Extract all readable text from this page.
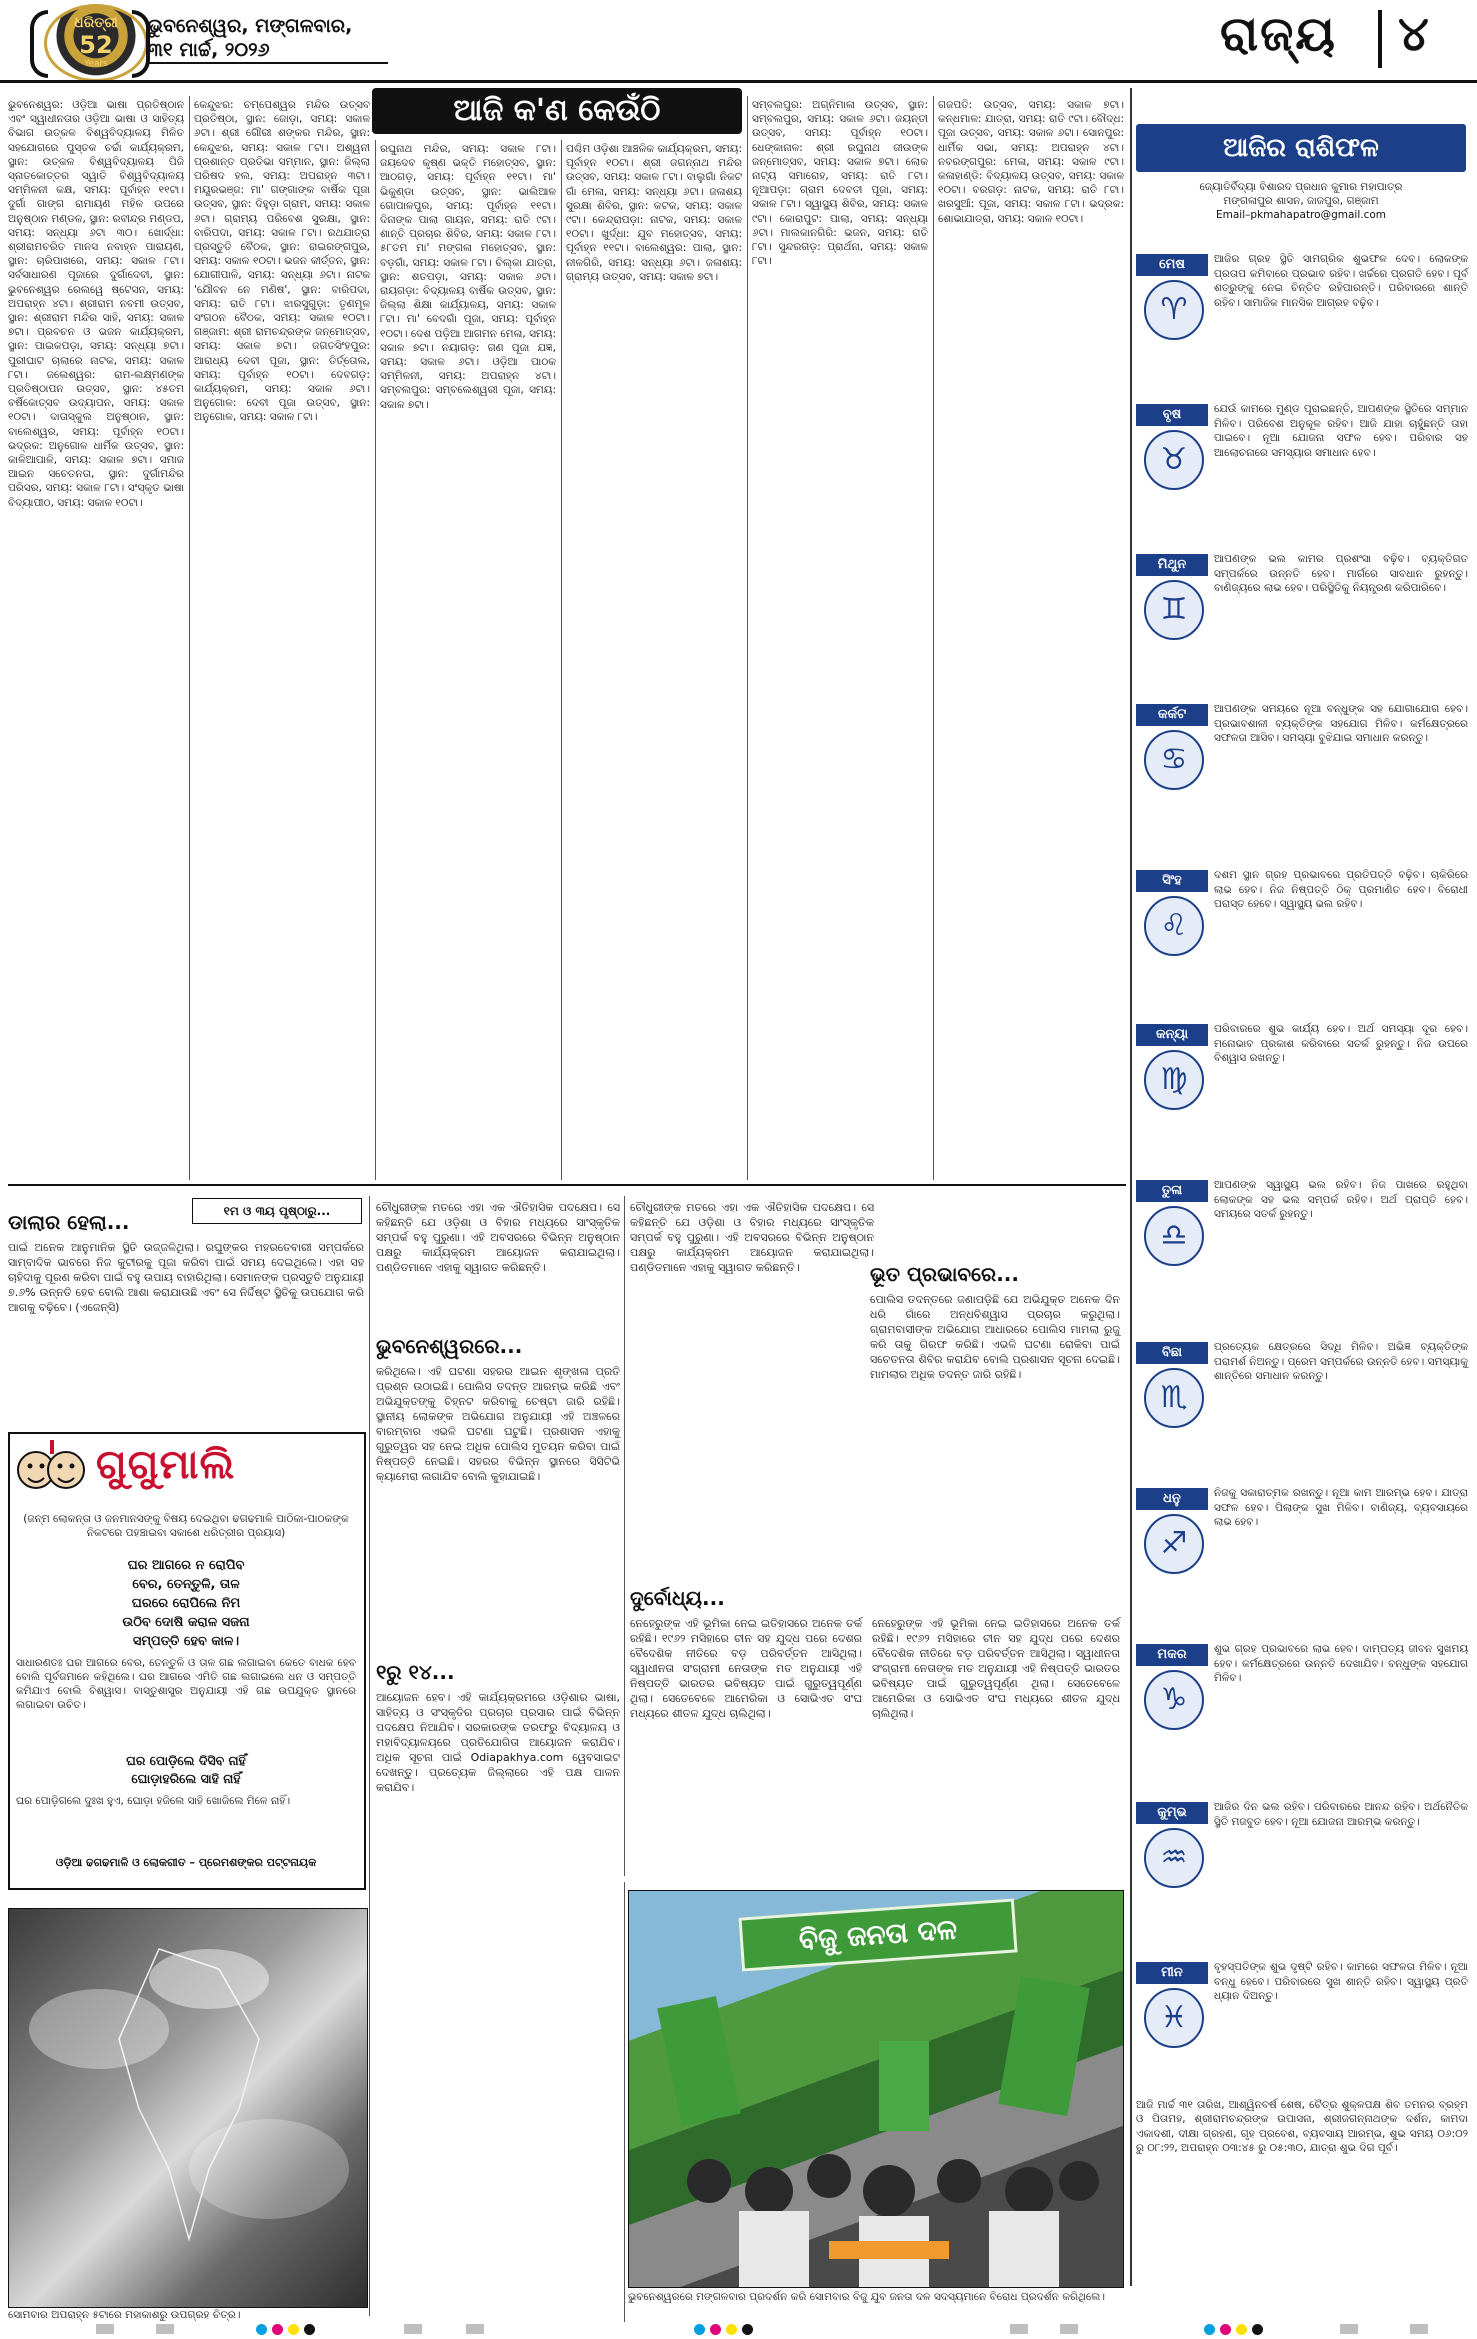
ଧରିତ୍ରୀ
52
Years
ଭୁବନେଶ୍ୱର, ମଙ୍ଗଳବାର,
୩୧ ମାର୍ଚ୍ଚ, ୨୦୨୬	ରାଜ୍ୟ ୪
ଆଜି କ'ଣ କେଉଁଠି
ଭୁବନେଶ୍ୱର: ଓଡ଼ିଆ ଭାଷା ପ୍ରତିଷ୍ଠାନ ଏବଂ ସ୍ୱାଧୀନତାର ଓଡ଼ିଆ ଭାଷା ଓ ସାହିତ୍ୟ ବିଭାଗ ଉତ୍କଳ ବିଶ୍ୱବିଦ୍ୟାଳୟ ମିଳିତ ସହଯୋଗରେ ପୁସ୍ତକ ଚର୍ଚ୍ଚା କାର୍ଯ୍ୟକ୍ରମ, ସ୍ଥାନ: ଉତ୍କଳ ବିଶ୍ୱବିଦ୍ୟାଳୟ ପିଜି ସ୍ନାତକୋତ୍ତର ସ୍ୱାତି ବିଶ୍ୱବିଦ୍ୟାଳୟ ସମ୍ମିଳନୀ କକ୍ଷ, ସମୟ: ପୂର୍ବାହ୍ନ ୧୧ଟା। ଦୁର୍ଗା ଗାଙ୍ଗ ରାମାୟଣ ମହିଳ ଉପରେ ଅନୁଷ୍ଠାନ ମଣ୍ଡଳ, ସ୍ଥାନ: ରବୀନ୍ଦ୍ର ମଣ୍ଡପ, ସମୟ: ସନ୍ଧ୍ୟା ୬ଟା ୩୦। ଖୋର୍ଦ୍ଧା: ଶ୍ରୀରାମଚରିତ ମାନସ ନବାହ୍ନ ପାରାୟଣ, ସ୍ଥାନ: ଚାରିପାଖରେ, ସମୟ: ସକାଳ ୮ଟା। ସର୍ବସାଧାରଣ ପୂଜାରେ ଦୁର୍ଗାଦେବୀ, ସ୍ଥାନ: ଭୁବନେଶ୍ୱର ରେଲୱେ ଷ୍ଟେସନ, ସମୟ: ଅପରାହ୍ନ ୪ଟା। ଶ୍ରୀରାମ ନବମୀ ଉତ୍ସବ, ସ୍ଥାନ: ଶ୍ରୀରାମ ମନ୍ଦିର ସାହି, ସମୟ: ସକାଳ ୭ଟା। ପ୍ରବଚନ ଓ ଭଜନ କାର୍ଯ୍ୟକ୍ରମ, ସ୍ଥାନ: ପାଇକପଡ଼ା, ସମୟ: ସନ୍ଧ୍ୟା ୭ଟା। ପୁରୀଘାଟ ଚାଲାରେ ନାଟକ, ସମୟ: ସକାଳ ୮ଟା। ଜଲେଶ୍ୱର: ରାମ-ଲକ୍ଷ୍ମଣଙ୍କ ପ୍ରତିଷ୍ଠାପନ ଉତ୍ସବ, ସ୍ଥାନ: ୪୫ତମ ବର୍ଷିକୋତ୍ସବ ଉଦ୍ୟାପନ, ସମୟ: ସକାଳ ୧୦ଟା। ଦାତାସ୍କୁଲ ଅନୁଷ୍ଠାନ, ସ୍ଥାନ: ବାଲେଶ୍ୱର, ସମୟ: ପୂର୍ବାହ୍ନ ୧୦ଟା। ଭଦ୍ରକ: ଅନୁଗୋଳ ଧାର୍ମିକ ଉତ୍ସବ, ସ୍ଥାନ: କାଳିଆପାଳି, ସମୟ: ସକାଳ ୭ଟା। ସମାଜ ଆଇନ ସଚେତନତା, ସ୍ଥାନ: ଦୁର୍ଗାମନ୍ଦିର ପରିସର, ସମୟ: ସକାଳ ୮ଟା। ସଂସ୍କୃତ ଭାଷା ବିଦ୍ୟାପୀଠ, ସମୟ: ସକାଳ ୧୦ଟା।
କେନ୍ଦୁଝର: ଚମ୍ପେଶ୍ୱର ମନ୍ଦିର ଉତ୍ସବ ପ୍ରତିଷ୍ଠା, ସ୍ଥାନ: ଜୋଡ଼ା, ସମୟ: ସକାଳ ୬ଟା। ଶ୍ରୀ ଗୌରୀ ଶଙ୍କର ମନ୍ଦିର, ସ୍ଥାନ: କେନ୍ଦୁଝର, ସମୟ: ସକାଳ ୮ଟା। ଅଶ୍ୱନୀ ପ୍ରଶାନ୍ତ ପ୍ରତିଭା ସମ୍ମାନ, ସ୍ଥାନ: ଜିଲ୍ଲା ପରିଷଦ ହଲ, ସମୟ: ଅପରାହ୍ନ ୩ଟା। ମୟୂରଭଞ୍ଜ: ମା' ଗଙ୍ଗାଙ୍କ ବାର୍ଷିକ ପୂଜା ଉତ୍ସବ, ସ୍ଥାନ: ଦିହୁଡ଼ା ଗ୍ରାମ, ସମୟ: ସକାଳ ୬ଟା। ଗ୍ରାମ୍ୟ ପରିବେଶ ସୁରକ୍ଷା, ସ୍ଥାନ: ବାରିପଦା, ସମୟ: ସକାଳ ୮ଟା। ରଥଯାତ୍ରା ପ୍ରସ୍ତୁତି ବୈଠକ, ସ୍ଥାନ: ରାଇରଙ୍ଗପୁର, ସମୟ: ସକାଳ ୧୦ଟା। ଭଜନ କୀର୍ତ୍ତନ, ସ୍ଥାନ: ଯୋଗୀପାଳି, ସମୟ: ସନ୍ଧ୍ୟା ୬ଟା। ନାଟକ 'ଯୌବନ ନେ ମଣିଷ', ସ୍ଥାନ: ବାରିପଦା, ସମୟ: ରାତି ୮ଟା। ଝାରସୁଗୁଡ଼ା: ତୃଣମୂଳ ସଂଗଠନ ବୈଠକ, ସମୟ: ସକାଳ ୧୦ଟା। ଗଞ୍ଜାମ: ଶ୍ରୀ ରାମଚନ୍ଦ୍ରଙ୍କ ଜନ୍ମୋତ୍ସବ, ସମୟ: ସକାଳ ୭ଟା। ଜଗତସିଂହପୁର: ଆରାଧ୍ୟ ଦେବୀ ପୂଜା, ସ୍ଥାନ: ତିର୍ତ୍ତୋଲ, ସମୟ: ପୂର୍ବାହ୍ନ ୧୦ଟା। ଦେବଗଡ଼: କାର୍ଯ୍ୟକ୍ରମ, ସମୟ: ସକାଳ ୬ଟା। ଅନୁଗୋଳ: ଦେବୀ ପୂଜା ଉତ୍ସବ, ସ୍ଥାନ: ଅନୁଗୋଳ, ସମୟ: ସକାଳ ୮ଟା।
ରଘୁନାଥ ମନ୍ଦିର, ସମୟ: ସକାଳ ୮ଟା। ଜୟଦେବ କୃଷ୍ଣ ଭକ୍ତି ମହୋତ୍ସବ, ସ୍ଥାନ: ଆଠଗଡ଼, ସମୟ: ପୂର୍ବାହ୍ନ ୧୧ଟା। ମା' ଭିକୁଣ୍ଡା ଉତ୍ସବ, ସ୍ଥାନ: ଭାଲିଆଳ ଗୋପାଳପୁର, ସମୟ: ପୂର୍ବାହ୍ନ ୧୧ଟା। ଦିନାଙ୍କ ପାଲା ଗାୟନ, ସମୟ: ରାତି ୯ଟା। ଶାନ୍ତି ପ୍ରଚାର ଶିବିର, ସମୟ: ସକାଳ ୮ଟା। ୫୮ତମ ମା' ମଙ୍ଗଳା ମହୋତ୍ସବ, ସ୍ଥାନ: ବଡ଼ଗାଁ, ସମୟ: ସକାଳ ୮ଟା। ଚିଲ୍କା ଯାତ୍ରା, ସ୍ଥାନ: ଶତପଡ଼ା, ସମୟ: ସକାଳ ୬ଟା। ରାୟଗଡ଼ା: ବିଦ୍ୟାଳୟ ବାର୍ଷିକ ଉତ୍ସବ, ସ୍ଥାନ: ଜିଲ୍ଲା ଶିକ୍ଷା କାର୍ଯ୍ୟାଳୟ, ସମୟ: ସକାଳ ୮ଟା। ମା' ବେଦଗାଁ ପୂଜା, ସମୟ: ପୂର୍ବାହ୍ନ ୧୦ଟା। ଦେଶ ପଡ଼ିଆ ଆଗମନ ମେଳା, ସମୟ: ସକାଳ ୭ଟା। ନୟାଗଡ଼: ଗଣ ପୂଜା ଯଜ୍ଞ, ସମୟ: ସକାଳ ୬ଟା। ଓଡ଼ିଆ ପାଠକ ସମ୍ମିଳନୀ, ସମୟ: ଅପରାହ୍ନ ୪ଟା। ସମ୍ବଲପୁର: ସମ୍ବଲେଶ୍ୱରୀ ପୂଜା, ସମୟ: ସକାଳ ୭ଟା।
ପଶ୍ଚିମ ଓଡ଼ିଶା ଆଞ୍ଚଳିକ କାର୍ଯ୍ୟକ୍ରମ, ସମୟ: ପୂର୍ବାହ୍ନ ୧୦ଟା। ଶ୍ରୀ ଜଗନ୍ନାଥ ମନ୍ଦିର ଉତ୍ସବ, ସମୟ: ସକାଳ ୮ଟା। ବାଲୁଗାଁ ନିକଟ ଗାଁ ମେଳା, ସମୟ: ସନ୍ଧ୍ୟା ୬ଟା। ଜଳାଶୟ ସୁରକ୍ଷା ଶିବିର, ସ୍ଥାନ: କଟକ, ସମୟ: ସକାଳ ୯ଟା। କେନ୍ଦ୍ରାପଡ଼ା: ନାଟକ, ସମୟ: ସକାଳ ୧୦ଟା। ଖୁର୍ଦ୍ଧା: ଯୁବ ମହୋତ୍ସବ, ସମୟ: ପୂର୍ବାହ୍ନ ୧୧ଟା। ବାଲେଶ୍ୱର: ପାଲା, ସ୍ଥାନ: ନୀଳଗିରି, ସମୟ: ସନ୍ଧ୍ୟା ୬ଟା। ଜଳାଶୟ: ଗ୍ରାମ୍ୟ ଉତ୍ସବ, ସମୟ: ସକାଳ ୭ଟା।
ସମ୍ବଲପୁର: ଅଗ୍ନିମାଳା ଉତ୍ସବ, ସ୍ଥାନ: ସମ୍ବଲପୁର, ସମୟ: ସକାଳ ୬ଟା। ଜୟନ୍ତୀ ଉତ୍ସବ, ସମୟ: ପୂର୍ବାହ୍ନ ୧୦ଟା। ଧେଙ୍କାନାଳ: ଶ୍ରୀ ରଘୁନାଥ ଜୀଉଙ୍କ ଜନ୍ମୋତ୍ସବ, ସମୟ: ସକାଳ ୭ଟା। ଲୋକ ନାଟ୍ୟ ସମାରୋହ, ସମୟ: ରାତି ୮ଟା। ନୂଆପଡ଼ା: ଗ୍ରାମ ଦେବତୀ ପୂଜା, ସମୟ: ସକାଳ ୮ଟା। ସ୍ୱାସ୍ଥ୍ୟ ଶିବିର, ସମୟ: ସକାଳ ୯ଟା। କୋରାପୁଟ: ପାଲା, ସମୟ: ସନ୍ଧ୍ୟା ୬ଟା। ମାଲକାନଗିରି: ଭଜନ, ସମୟ: ରାତି ୮ଟା। ସୁନ୍ଦରଗଡ଼: ପ୍ରାର୍ଥନା, ସମୟ: ସକାଳ ୮ଟା।
ଗଜପତି: ଉତ୍ସବ, ସମୟ: ସକାଳ ୭ଟା। କନ୍ଧମାଳ: ଯାତ୍ରା, ସମୟ: ରାତି ୯ଟା। ବୌଦ୍ଧ: ପୂଜା ଉତ୍ସବ, ସମୟ: ସକାଳ ୬ଟା। ସୋନପୁର: ଧାର୍ମିକ ସଭା, ସମୟ: ଅପରାହ୍ନ ୪ଟା। ନବରଙ୍ଗପୁର: ମେଳା, ସମୟ: ସକାଳ ୯ଟା। କଳାହାଣ୍ଡି: ବିଦ୍ୟାଳୟ ଉତ୍ସବ, ସମୟ: ସକାଳ ୧୦ଟା। ବରଗଡ଼: ନାଟକ, ସମୟ: ରାତି ୮ଟା। ଖରସୁଆଁ: ପୂଜା, ସମୟ: ସକାଳ ୮ଟା। ଭଦ୍ରକ: ଶୋଭାଯାତ୍ରା, ସମୟ: ସକାଳ ୧୦ଟା।
ଆଜିର ରାଶିଫଳ
ଜ୍ୟୋତିର୍ବିଦ୍ୟା ବିଶାରଦ ପ୍ରଧାନ କୁମାର ମହାପାତ୍ର
ମଙ୍ଗଳାପୁର ଶାସନ, ଜାଜପୁର, ଗଞ୍ଜାମ
Email–pkmahapatro@gmail.com
ମେଷ
♈
ଆଜିର ଗ୍ରହ ସ୍ଥିତି ସାମଗ୍ରିକ ଶୁଭଫଳ ଦେବ। ଲୋକଙ୍କ ପ୍ରତାପ କମିବାରେ ପ୍ରଭାବ ରହିବ। ଖର୍ଚ୍ଚରେ ପ୍ରଗତି ହେବ। ପୂର୍ବ ଶତ୍ରୁଙ୍କୁ ନେଇ ଚିନ୍ତିତ ରହିପାରନ୍ତି। ପରିବାରରେ ଶାନ୍ତି ରହିବ। ସାମାଜିକ ମାନସିକ ଆଗ୍ରହ ବଢ଼ିବ।
ବୃଷ
♉
ଯେଉଁ କାମରେ ମୁଣ୍ଡ ପୂରାଇଛନ୍ତି, ଆପଣଙ୍କ ସ୍ଥିତିରେ ସମ୍ମାନ ମିଳିବ। ପରିବେଶ ଅନୁକୂଳ ରହିବ। ଆଜି ଯାହା ଚାହୁଁଛନ୍ତି ତାହା ପାଇବେ। ନୂଆ ଯୋଜନା ସଫଳ ହେବ। ପରିବାର ସହ ଆଲୋଚନାରେ ସମସ୍ୟାର ସମାଧାନ ହେବ।
ମିଥୁନ
♊
ଆପଣଙ୍କ ଭଲ କାମର ପ୍ରଶଂସା ବଢ଼ିବ। ବ୍ୟକ୍ତିଗତ ସମ୍ପର୍କରେ ଉନ୍ନତି ହେବ। ମାର୍ଗରେ ସାବଧାନ ରୁହନ୍ତୁ। ବାଣିଜ୍ୟରେ ଲାଭ ହେବ। ପରିସ୍ଥିତିକୁ ନିୟନ୍ତ୍ରଣ କରିପାରିବେ।
କର୍କଟ
♋
ଆପଣଙ୍କ ସମୟରେ ନୂଆ ବନ୍ଧୁଙ୍କ ସହ ଯୋଗାଯୋଗ ହେବ। ପ୍ରଭାବଶାଳୀ ବ୍ୟକ୍ତିଙ୍କ ସହଯୋଗ ମିଳିବ। କର୍ମକ୍ଷେତ୍ରରେ ସଫଳତା ଆସିବ। ସମସ୍ୟା ବୁଝିଯାଇ ସମାଧାନ କରନ୍ତୁ।
ସିଂହ
♌
ଦଶମ ସ୍ଥାନ ଗ୍ରହ ପ୍ରଭାବରେ ପ୍ରତିପତ୍ତି ବଢ଼ିବ। ଚାକିରିରେ ଲାଭ ହେବ। ନିଜ ନିଷ୍ପତ୍ତି ଠିକ୍ ପ୍ରମାଣିତ ହେବ। ବିରୋଧୀ ପରାସ୍ତ ହେବେ। ସ୍ୱାସ୍ଥ୍ୟ ଭଲ ରହିବ।
କନ୍ୟା
♍
ପରିବାରରେ ଶୁଭ କାର୍ଯ୍ୟ ହେବ। ଅର୍ଥ ସମସ୍ୟା ଦୂର ହେବ। ମନୋଭାବ ପ୍ରକାଶ କରିବାରେ ସତର୍କ ରୁହନ୍ତୁ। ନିଜ ଉପରେ ବିଶ୍ୱାସ ରଖନ୍ତୁ।
ତୁଳା
♎
ଆପଣଙ୍କ ସ୍ୱାସ୍ଥ୍ୟ ଭଲ ରହିବ। ନିଜ ପାଖରେ ରହୁଥିବା ଲୋକଙ୍କ ସହ ଭଲ ସମ୍ପର୍କ ରହିବ। ଅର୍ଥ ପ୍ରାପ୍ତି ହେବ। ସମୟରେ ସତର୍କ ରୁହନ୍ତୁ।
ବିଛା
♏
ପ୍ରତ୍ୟେକ କ୍ଷେତ୍ରରେ ସିଦ୍ଧି ମିଳିବ। ଅଭିଜ୍ଞ ବ୍ୟକ୍ତିଙ୍କ ପରାମର୍ଶ ନିଅନ୍ତୁ। ପ୍ରେମ ସମ୍ପର୍କରେ ଉନ୍ନତି ହେବ। ସମସ୍ୟାକୁ ଶାନ୍ତିରେ ସମାଧାନ କରନ୍ତୁ।
ଧନୁ
♐
ନିଜକୁ ସକାରାତ୍ମକ ରଖନ୍ତୁ। ନୂଆ କାମ ଆରମ୍ଭ ହେବ। ଯାତ୍ରା ସଫଳ ହେବ। ପିଲାଙ୍କ ସୁଖ ମିଳିବ। ବାଣିଜ୍ୟ, ବ୍ୟବସାୟରେ ଲାଭ ହେବ।
ମକର
♑
ଶୁଭ ଗ୍ରହ ପ୍ରଭାବରେ ଲାଭ ହେବ। ଦାମ୍ପତ୍ୟ ଜୀବନ ସୁଖମୟ ହେବ। କର୍ମକ୍ଷେତ୍ରରେ ଉନ୍ନତି ଦେଖାଯିବ। ବନ୍ଧୁଙ୍କ ସହଯୋଗ ମିଳିବ।
କୁମ୍ଭ
♒
ଆଜିର ଦିନ ଭଲ ରହିବ। ପରିବାରରେ ଆନନ୍ଦ ରହିବ। ଅର୍ଥନୈତିକ ସ୍ଥିତି ମଜବୁତ ହେବ। ନୂଆ ଯୋଜନା ଆରମ୍ଭ କରନ୍ତୁ।
ମୀନ
♓
ବୃହସ୍ପତିଙ୍କ ଶୁଭ ଦୃଷ୍ଟି ରହିବ। କାମରେ ସଫଳତା ମିଳିବ। ନୂଆ ବନ୍ଧୁ ହେବେ। ପରିବାରରେ ସୁଖ ଶାନ୍ତି ରହିବ। ସ୍ୱାସ୍ଥ୍ୟ ପ୍ରତି ଧ୍ୟାନ ଦିଅନ୍ତୁ।
ଆଜି ମାର୍ଚ୍ଚ ୩୧ ତାରିଖ, ଆଶ୍ୱିନବର୍ଷ ଶେଷ, ଚୈତ୍ର ଶୁକ୍ଳପକ୍ଷ ଶିବ ତମନର ବ୍ରହ୍ମ ଓ ପିତାମହ, ଶ୍ରୀରାମଚନ୍ଦ୍ରଙ୍କ ଉପାସନା, ଶ୍ରୀଜଗନ୍ନାଥଙ୍କ ଦର୍ଶନ, କାମଦା ଏକାଦଶୀ, ଦୀକ୍ଷା ଗ୍ରହଣ, ଗୃହ ପ୍ରବେଶ, ବ୍ୟବସାୟ ଆରମ୍ଭ, ଶୁଭ ସମୟ ୦୬:୦୨ ରୁ ୦୮:୨୨, ଅପରାହ୍ନ ୦୩:୪୫ ରୁ ୦୫:୩୦, ଯାତ୍ରା ଶୁଭ ଦିଗ ପୂର୍ବ।
୧ମ ଓ ୩ୟ ପୃଷ୍ଠାରୁ...
ଡାଲାର ହେଲା...
ପାଇଁ ଅନେକ ଆନୁମାନିକ ସ୍ଥିତି ଉଜ୍ଜଳିଥିଲା। ରଘୁଙ୍କର ମହରତେବାରୀ ସମ୍ପର୍କରେ ସାମ୍ବାଦିକ ଭାବରେ ନିଜ କୁଟୀରକୁ ପୂଜା କରିବା ପାଇଁ ସମୟ ଦେଇଥିଲେ। ଏହା ସହ ଚାହିଦାକୁ ପୂରଣ କରିବା ପାଇଁ ବହୁ ଉପାୟ ବାହାରିଥିଲା। ସେମାନଙ୍କ ପ୍ରସ୍ତୁତି ଅନୁଯାୟୀ ୭.୬% ଉନ୍ନତି ହେବ ବୋଲି ଆଶା କରାଯାଉଛି ଏବଂ ସେ ନିର୍ଦ୍ଦିଷ୍ଟ ସ୍ଥିତିକୁ ଉପଯୋଗ କରି ଆଗକୁ ବଢ଼ିବେ। (ଏଜେନ୍ସି)
ଚୌଧୁରୀଙ୍କ ମତରେ ଏହା ଏକ ଐତିହାସିକ ପଦକ୍ଷେପ। ସେ କହିଛନ୍ତି ଯେ ଓଡ଼ିଶା ଓ ବିହାର ମଧ୍ୟରେ ସାଂସ୍କୃତିକ ସମ୍ପର୍କ ବହୁ ପୁରୁଣା। ଏହି ଅବସରରେ ବିଭିନ୍ନ ଅନୁଷ୍ଠାନ ପକ୍ଷରୁ କାର୍ଯ୍ୟକ୍ରମ ଆୟୋଜନ କରାଯାଇଥିଲା। ପଣ୍ଡିତମାନେ ଏହାକୁ ସ୍ୱାଗତ କରିଛନ୍ତି।
ଭୁବନେଶ୍ୱରରେ...
କରିଥିଲେ। ଏହି ଘଟଣା ସହରର ଆଇନ ଶୃଙ୍ଖଳା ପ୍ରତି ପ୍ରଶ୍ନ ଉଠାଇଛି। ପୋଲିସ ତଦନ୍ତ ଆରମ୍ଭ କରିଛି ଏବଂ ଅଭିଯୁକ୍ତଙ୍କୁ ଚିହ୍ନଟ କରିବାକୁ ଚେଷ୍ଟା ଜାରି ରହିଛି। ସ୍ଥାନୀୟ ଲୋକଙ୍କ ଅଭିଯୋଗ ଅନୁଯାୟୀ ଏହି ଅଞ୍ଚଳରେ ବାରମ୍ବାର ଏଭଳି ଘଟଣା ଘଟୁଛି। ପ୍ରଶାସନ ଏହାକୁ ଗୁରୁତ୍ୱର ସହ ନେଇ ଅଧିକ ପୋଲିସ ମୁତୟନ କରିବା ପାଇଁ ନିଷ୍ପତ୍ତି ନେଇଛି। ସହରର ବିଭିନ୍ନ ସ୍ଥାନରେ ସିସିଟିଭି କ୍ୟାମେରା ଲଗାଯିବ ବୋଲି କୁହାଯାଇଛି।
୧ରୁ ୧୪...
ଆୟୋଜନ ହେବ। ଏହି କାର୍ଯ୍ୟକ୍ରମରେ ଓଡ଼ିଶାର ଭାଷା, ସାହିତ୍ୟ ଓ ସଂସ୍କୃତିର ପ୍ରଚାର ପ୍ରସାର ପାଇଁ ବିଭିନ୍ନ ପଦକ୍ଷେପ ନିଆଯିବ। ସରକାରଙ୍କ ତରଫରୁ ବିଦ୍ୟାଳୟ ଓ ମହାବିଦ୍ୟାଳୟରେ ପ୍ରତିଯୋଗିତା ଆୟୋଜନ କରାଯିବ। ଅଧିକ ସୂଚନା ପାଇଁ Odiapakhya.com ୱେବସାଇଟ ଦେଖନ୍ତୁ। ପ୍ରତ୍ୟେକ ଜିଲ୍ଲାରେ ଏହି ପକ୍ଷ ପାଳନ କରାଯିବ।
ଚୌଧୁରୀଙ୍କ ମତରେ ଏହା ଏକ ଐତିହାସିକ ପଦକ୍ଷେପ। ସେ କହିଛନ୍ତି ଯେ ଓଡ଼ିଶା ଓ ବିହାର ମଧ୍ୟରେ ସାଂସ୍କୃତିକ ସମ୍ପର୍କ ବହୁ ପୁରୁଣା। ଏହି ଅବସରରେ ବିଭିନ୍ନ ଅନୁଷ୍ଠାନ ପକ୍ଷରୁ କାର୍ଯ୍ୟକ୍ରମ ଆୟୋଜନ କରାଯାଇଥିଲା। ପଣ୍ଡିତମାନେ ଏହାକୁ ସ୍ୱାଗତ କରିଛନ୍ତି।	ଭୂତ ପ୍ରଭାବରେ...
ପୋଲିସ ତଦନ୍ତରେ ଜଣାପଡ଼ିଛି ଯେ ଅଭିଯୁକ୍ତ ଅନେକ ଦିନ ଧରି ଗାଁରେ ଅନ୍ଧବିଶ୍ୱାସ ପ୍ରଚାର କରୁଥିଲା। ଗ୍ରାମବାସୀଙ୍କ ଅଭିଯୋଗ ଆଧାରରେ ପୋଲିସ ମାମଲା ରୁଜୁ କରି ତାକୁ ଗିରଫ କରିଛି। ଏଭଳି ଘଟଣା ରୋକିବା ପାଇଁ ସଚେତନତା ଶିବିର କରାଯିବ ବୋଲି ପ୍ରଶାସନ ସୂଚନା ଦେଇଛି। ମାମଲାର ଅଧିକ ତଦନ୍ତ ଜାରି ରହିଛି।
ଦୁର୍ବୋଧ୍ୟ...
ନେହେରୁଙ୍କ ଏହି ଭୂମିକା ନେଇ ଇତିହାସରେ ଅନେକ ତର୍କ ରହିଛି। ୧୯୬୨ ମସିହାରେ ଚୀନ ସହ ଯୁଦ୍ଧ ପରେ ଦେଶର ବୈଦେଶିକ ନୀତିରେ ବଡ଼ ପରିବର୍ତ୍ତନ ଆସିଥିଲା। ସ୍ୱାଧୀନତା ସଂଗ୍ରାମୀ ନେତାଙ୍କ ମତ ଅନୁଯାୟୀ ଏହି ନିଷ୍ପତ୍ତି ଭାରତର ଭବିଷ୍ୟତ ପାଇଁ ଗୁରୁତ୍ୱପୂର୍ଣ୍ଣ ଥିଲା। ସେତେବେଳେ ଆମେରିକା ଓ ସୋଭିଏତ ସଂଘ ମଧ୍ୟରେ ଶୀତଳ ଯୁଦ୍ଧ ଚାଲିଥିଲା।
ନେହେରୁଙ୍କ ଏହି ଭୂମିକା ନେଇ ଇତିହାସରେ ଅନେକ ତର୍କ ରହିଛି। ୧୯୬୨ ମସିହାରେ ଚୀନ ସହ ଯୁଦ୍ଧ ପରେ ଦେଶର ବୈଦେଶିକ ନୀତିରେ ବଡ଼ ପରିବର୍ତ୍ତନ ଆସିଥିଲା। ସ୍ୱାଧୀନତା ସଂଗ୍ରାମୀ ନେତାଙ୍କ ମତ ଅନୁଯାୟୀ ଏହି ନିଷ୍ପତ୍ତି ଭାରତର ଭବିଷ୍ୟତ ପାଇଁ ଗୁରୁତ୍ୱପୂର୍ଣ୍ଣ ଥିଲା। ସେତେବେଳେ ଆମେରିକା ଓ ସୋଭିଏତ ସଂଘ ମଧ୍ୟରେ ଶୀତଳ ଯୁଦ୍ଧ ଚାଲିଥିଲା।
ଗୁଗୁମାଲି
(ଜନ୍ମ ଲୋକନ୍ତା ଓ ଜନମାନସଙ୍କୁ ବିଷୟ ଦେଇଥିବା ଢଗଢମାଳି ପାଠିକା-ପାଠକଙ୍କ ନିକଟରେ ପହଞ୍ଚାଇବା ସକାଶେ ଧରିତ୍ରୀର ପ୍ରୟାସ)
ଘର ଆଗରେ ନ ରୋପିବ
ବେର, ତେନ୍ତୁଳି, ତାଳ
ଘରରେ ରୋପିଲେ ନିମ
ଉଠିବ ଦୋଷି କରାଳ ସଜନା
ସମ୍ପତ୍ତି ହେବ କାଳ।
ସାଧାରଣତଃ ଘର ଆଗରେ ବେର, ତେନ୍ତୁଳି ଓ ତାଳ ଗଛ ଲଗାଇବା କେତେ ବାଧକ ହେବ ବୋଲି ପୂର୍ବଜମାନେ କହିଥିଲେ। ଘର ଆଗରେ ଏମିତି ଗଛ ଲଗାଇଲେ ଧନ ଓ ସମ୍ପତ୍ତି କମିଯାଏ ବୋଲି ବିଶ୍ୱାସ। ବାସ୍ତୁଶାସ୍ତ୍ର ଅନୁଯାୟୀ ଏହି ଗଛ ଉପଯୁକ୍ତ ସ୍ଥାନରେ ଲଗାଇବା ଉଚିତ।
ଘର ପୋଡ଼ିଲେ ଦିସିବ ନାହିଁ
ଘୋଡ଼ାହରିଲେ ସାହି ନାହିଁ
ଘର ପୋଡ଼ିଗଲେ ଦୁଃଖ ହୁଏ, ଘୋଡ଼ା ହଜିଲେ ସାହି ଖୋଜିଲେ ମିଳେ ନାହିଁ।
ଓଡ଼ିଆ ଢଗଢମାଳି ଓ ଲୋକଗୀତ – ପ୍ରେମଶଙ୍କର ପଟ୍ଟନାୟକ
ସୋମବାର ଅପରାହ୍ନ ୫ଟାରେ ମହାକାଶରୁ ଉପଗ୍ରହ ଚିତ୍ର।
ବିଜୁ ଜନତା ଦଳ
ଭୁବନେଶ୍ୱରରେ ମଙ୍ଗଳବାର ପ୍ରଦର୍ଶନ କରି ସୋମବାର ବିଜୁ ଯୁବ ଜନତା ଦଳ ସଦସ୍ୟମାନେ ବିରୋଧ ପ୍ରଦର୍ଶନ କରିଥିଲେ।
